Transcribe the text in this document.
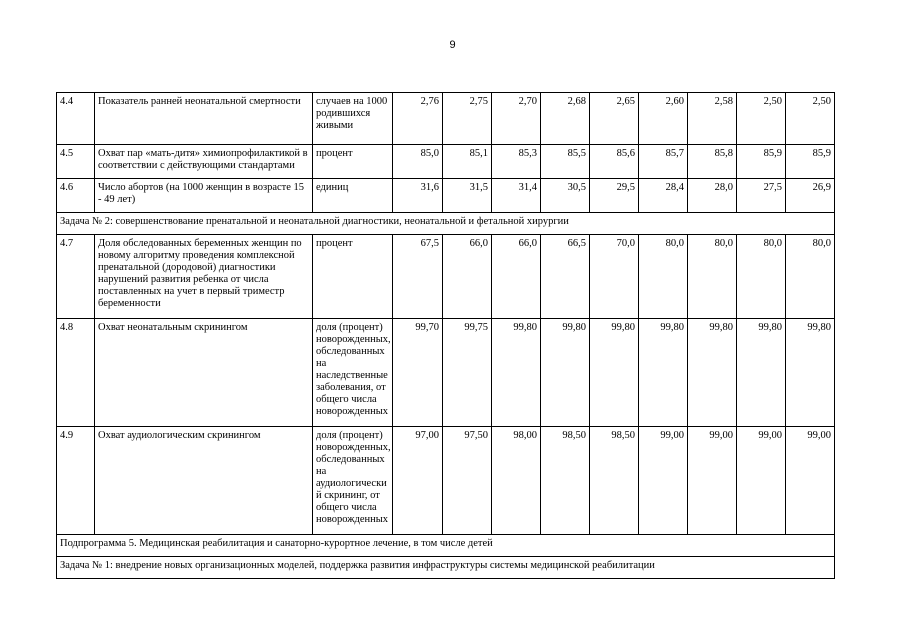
9
4.4	Показатель ранней неонатальной смертности	случаев на 1000 родившихся живыми	2,76	2,75	2,70	2,68	2,65	2,60	2,58	2,50	2,50
4.5	Охват пар «мать-дитя» химиопрофилактикой в соответствии с действующими стандартами	процент	85,0	85,1	85,3	85,5	85,6	85,7	85,8	85,9	85,9
4.6	Число абортов (на 1000 женщин в возрасте 15 - 49 лет)	единиц	31,6	31,5	31,4	30,5	29,5	28,4	28,0	27,5	26,9
Задача № 2: совершенствование пренатальной и неонатальной диагностики, неонатальной и фетальной хирургии											
4.7	Доля обследованных беременных женщин по новому алгоритму проведения комплексной пренатальной (дородовой) диагностики нарушений развития ребенка от числа поставленных на учет в первый триместр беременности	процент	67,5	66,0	66,0	66,5	70,0	80,0	80,0	80,0	80,0
4.8	Охват неонатальным скринингом	доля (процент) новорожденных, обследованных на наследственные заболевания, от общего числа новорожденных	99,70	99,75	99,80	99,80	99,80	99,80	99,80	99,80	99,80
4.9	Охват аудиологическим скринингом	доля (процент) новорожденных, обследованных на аудиологически й скрининг, от общего числа новорожденных	97,00	97,50	98,00	98,50	98,50	99,00	99,00	99,00	99,00
Подпрограмма 5. Медицинская реабилитация и санаторно-курортное лечение, в том числе детей											
Задача № 1: внедрение новых организационных моделей, поддержка развития инфраструктуры системы медицинской реабилитации											
